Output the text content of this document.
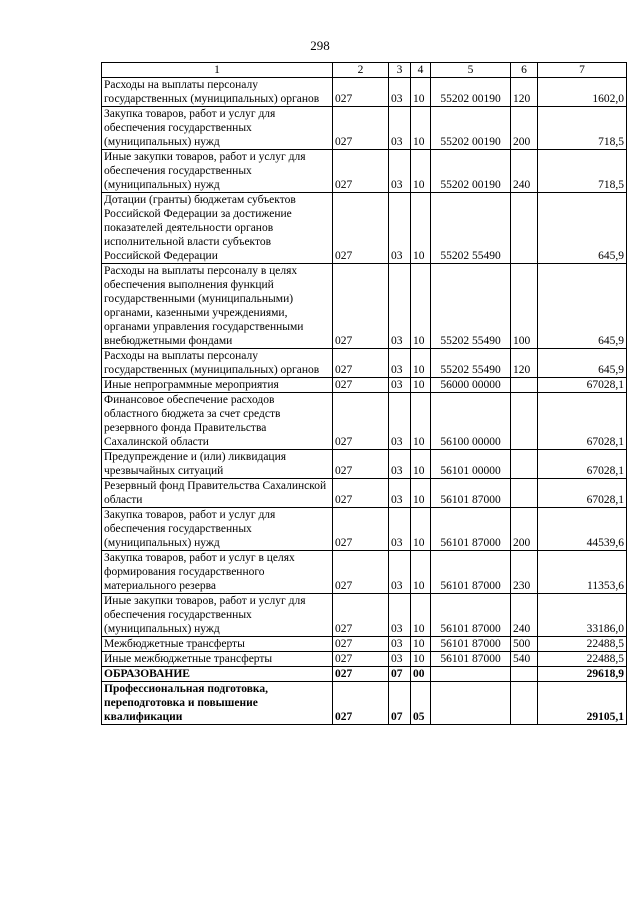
298
1	2	3	4	5	6	7
Расходы на выплаты персоналу государственных (муниципальных) органов	027	03	10	55202 00190	120	1602,0
Закупка товаров, работ и услуг для обеспечения государственных (муниципальных) нужд	027	03	10	55202 00190	200	718,5
Иные закупки товаров, работ и услуг для обеспечения государственных (муниципальных) нужд	027	03	10	55202 00190	240	718,5
Дотации (гранты) бюджетам субъектов Российской Федерации за достижение показателей деятельности органов исполнительной власти субъектов Российской Федерации	027	03	10	55202 55490		645,9
Расходы на выплаты персоналу в целях обеспечения выполнения функций государственными (муниципальными) органами, казенными учреждениями, органами управления государственными внебюджетными фондами	027	03	10	55202 55490	100	645,9
Расходы на выплаты персоналу государственных (муниципальных) органов	027	03	10	55202 55490	120	645,9
Иные непрограммные мероприятия	027	03	10	56000 00000		67028,1
Финансовое обеспечение расходов областного бюджета за счет средств резервного фонда Правительства Сахалинской области	027	03	10	56100 00000		67028,1
Предупреждение и (или) ликвидация чрезвычайных ситуаций	027	03	10	56101 00000		67028,1
Резервный фонд Правительства Сахалинской области	027	03	10	56101 87000		67028,1
Закупка товаров, работ и услуг для обеспечения государственных (муниципальных) нужд	027	03	10	56101 87000	200	44539,6
Закупка товаров, работ и услуг в целях формирования государственного материального резерва	027	03	10	56101 87000	230	11353,6
Иные закупки товаров, работ и услуг для обеспечения государственных (муниципальных) нужд	027	03	10	56101 87000	240	33186,0
Межбюджетные трансферты	027	03	10	56101 87000	500	22488,5
Иные межбюджетные трансферты	027	03	10	56101 87000	540	22488,5
ОБРАЗОВАНИЕ	027	07	00			29618,9
Профессиональная подготовка, переподготовка и повышение квалификации	027	07	05			29105,1
